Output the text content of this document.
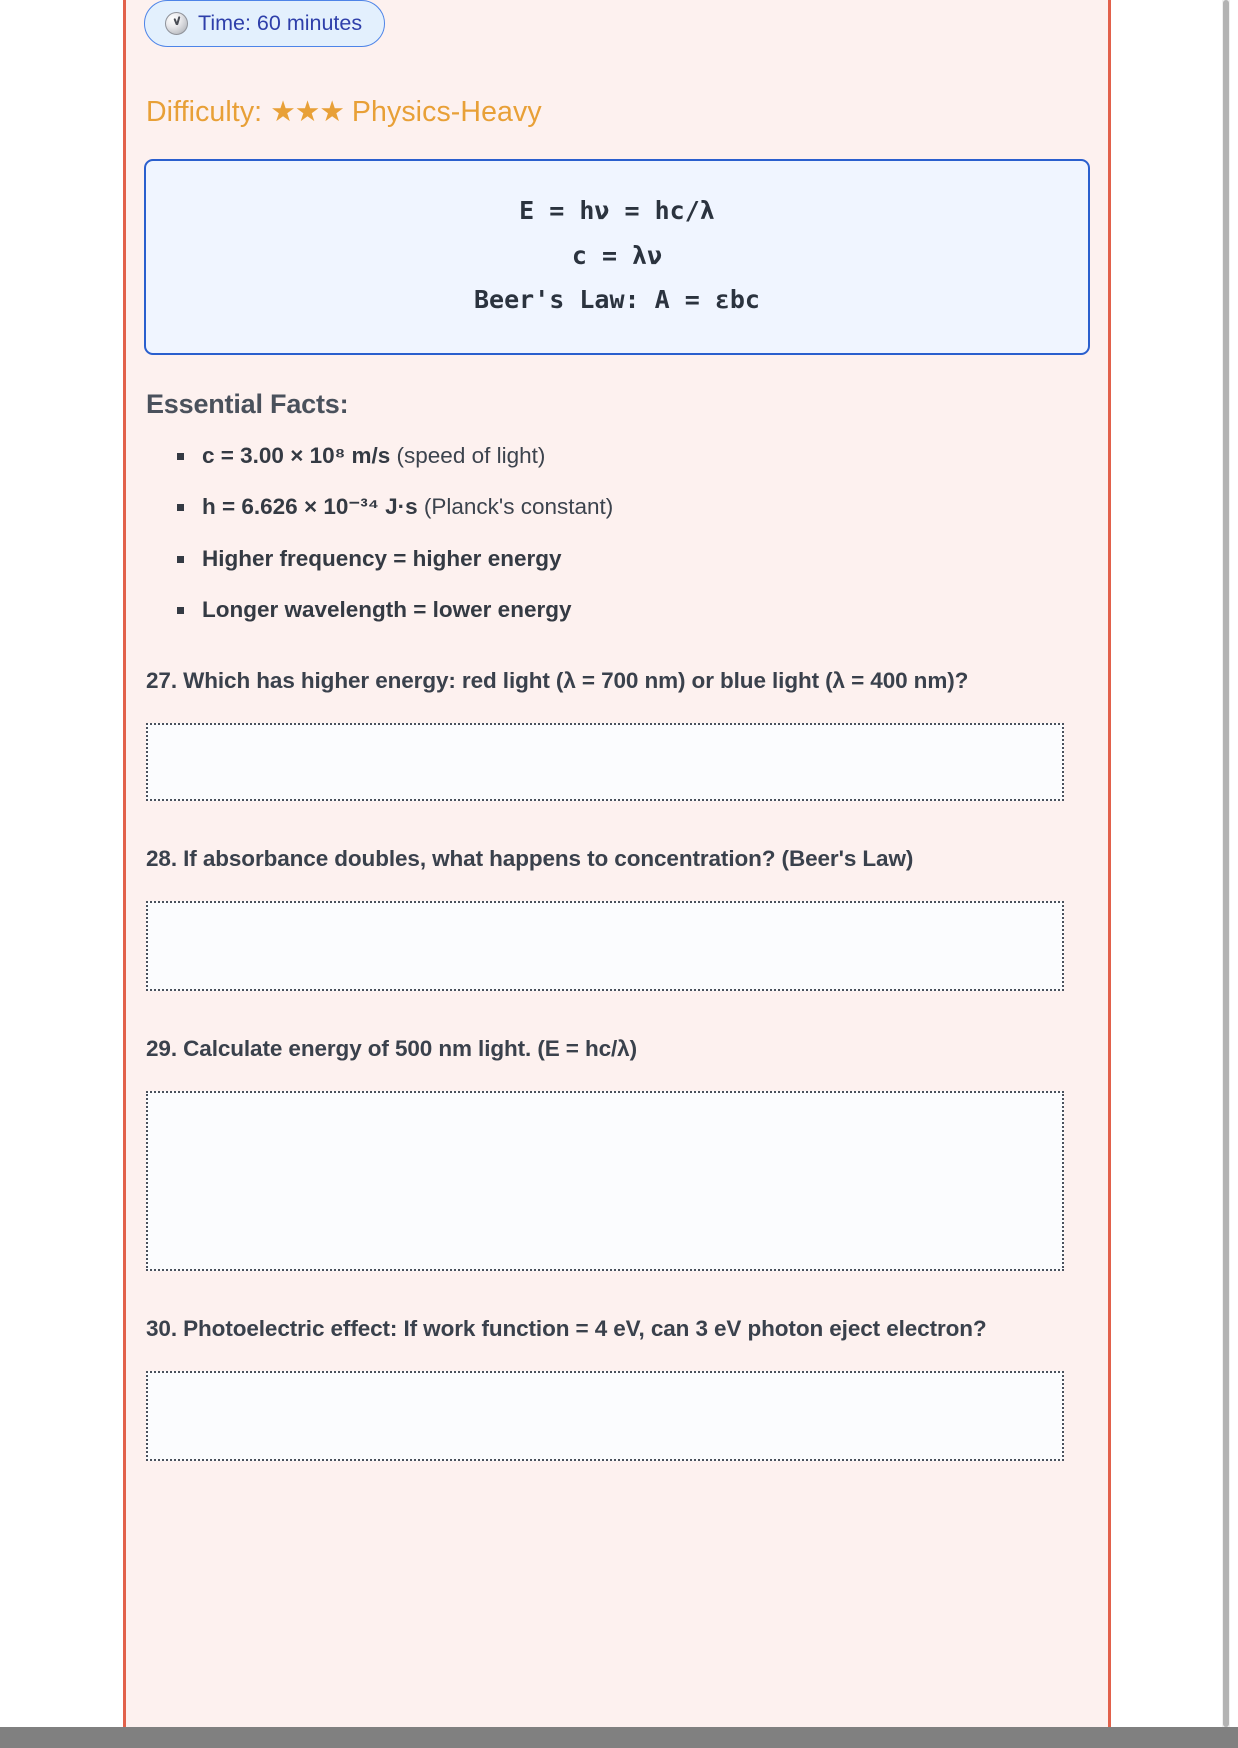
Time: 60 minutes
Difficulty: ★★★ Physics-Heavy
E = hν = hc/λ
c = λν
Beer's Law: A = εbc
Essential Facts:
c = 3.00 × 10⁸ m/s (speed of light)
h = 6.626 × 10⁻³⁴ J·s (Planck's constant)
Higher frequency = higher energy
Longer wavelength = lower energy
27. Which has higher energy: red light (λ = 700 nm) or blue light (λ = 400 nm)?
28. If absorbance doubles, what happens to concentration? (Beer's Law)
29. Calculate energy of 500 nm light. (E = hc/λ)
30. Photoelectric effect: If work function = 4 eV, can 3 eV photon eject electron?
